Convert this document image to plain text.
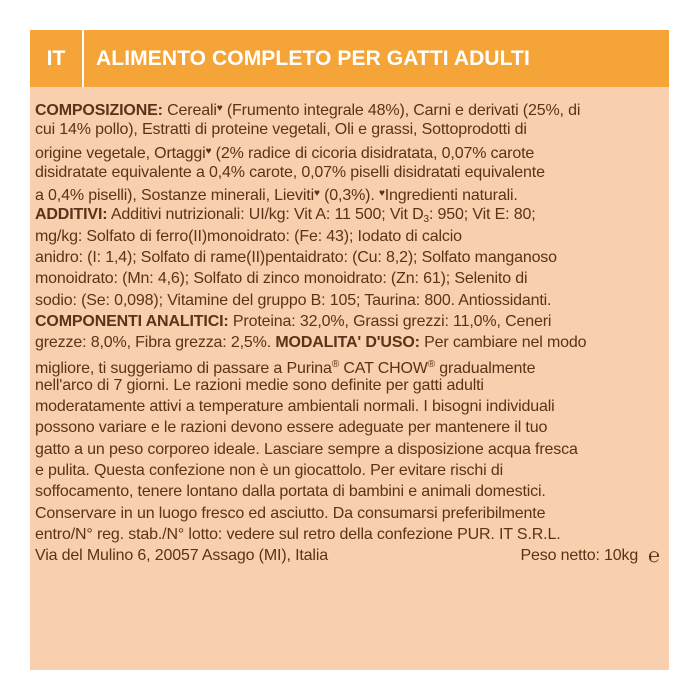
IT	ALIMENTO COMPLETO PER GATTI ADULTI
COMPOSIZIONE: Cereali♥ (Frumento integrale 48%), Carni e derivati (25%, di
cui 14% pollo), Estratti di proteine vegetali, Oli e grassi, Sottoprodotti di
origine vegetale, Ortaggi♥ (2% radice di cicoria disidratata, 0,07% carote
disidratate equivalente a 0,4% carote, 0,07% piselli disidratati equivalente
a 0,4% piselli), Sostanze minerali, Lieviti♥ (0,3%). ♥Ingredienti naturali.
ADDITIVI: Additivi nutrizionali: UI/kg: Vit A: 11 500; Vit $D_3$: 950; Vit E: 80;
mg/kg: Solfato di ferro(II)monoidrato: (Fe: 43); Iodato di calcio
anidro: (I: 1,4); Solfato di rame(II)pentaidrato: (Cu: 8,2); Solfato manganoso
monoidrato: (Mn: 4,6); Solfato di zinco monoidrato: (Zn: 61); Selenito di
sodio: (Se: 0,098); Vitamine del gruppo B: 105; Taurina: 800. Antiossidanti.
COMPONENTI ANALITICI: Proteina: 32,0%, Grassi grezzi: 11,0%, Ceneri
grezze: 8,0%, Fibra grezza: 2,5%. MODALITA' D'USO: Per cambiare nel modo
migliore, ti suggeriamo di passare a Purina® CAT CHOW® gradualmente
nell'arco di 7 giorni. Le razioni medie sono definite per gatti adulti
moderatamente attivi a temperature ambientali normali. I bisogni individuali
possono variare e le razioni devono essere adeguate per mantenere il tuo
gatto a un peso corporeo ideale. Lasciare sempre a disposizione acqua fresca
e pulita. Questa confezione non è un giocattolo. Per evitare rischi di
soffocamento, tenere lontano dalla portata di bambini e animali domestici.
Conservare in un luogo fresco ed asciutto. Da consumarsi preferibilmente
entro/N° reg. stab./N° lotto: vedere sul retro della confezione PUR. IT S.R.L.
Via del Mulino 6, 20057 Assago (MI), Italia	Peso netto: 10kg ℮
